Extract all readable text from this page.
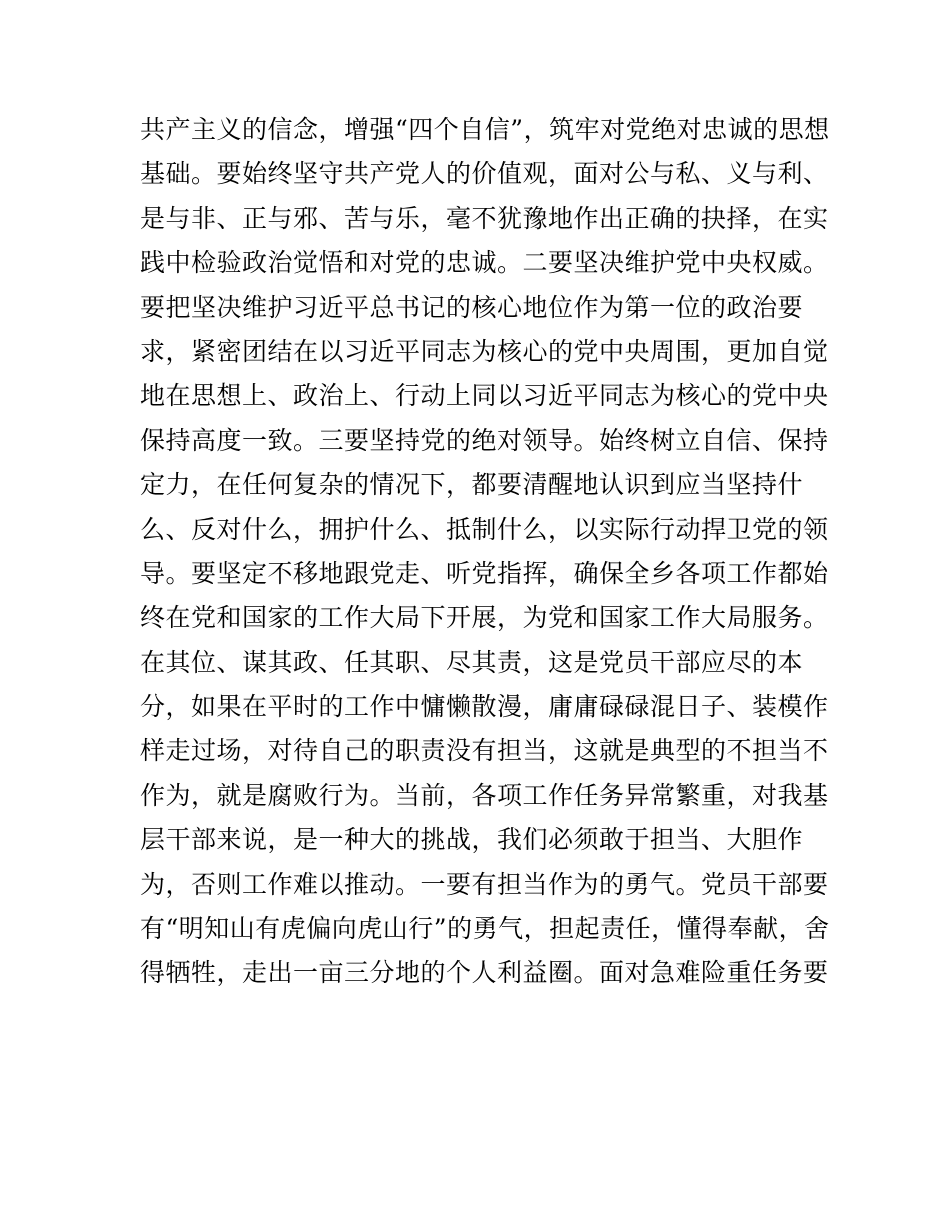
共产主义的信念，增强“四个自信”，筑牢对党绝对忠诚的思想
基础。要始终坚守共产党人的价值观，面对公与私、义与利、
是与非、正与邪、苦与乐，毫不犹豫地作出正确的抉择，在实
践中检验政治觉悟和对党的忠诚。二要坚决维护党中央权威。
要把坚决维护习近平总书记的核心地位作为第一位的政治要
求，紧密团结在以习近平同志为核心的党中央周围，更加自觉
地在思想上、政治上、行动上同以习近平同志为核心的党中央
保持高度一致。三要坚持党的绝对领导。始终树立自信、保持
定力，在任何复杂的情况下，都要清醒地认识到应当坚持什
么、反对什么，拥护什么、抵制什么，以实际行动捍卫党的领
导。要坚定不移地跟党走、听党指挥，确保全乡各项工作都始
终在党和国家的工作大局下开展，为党和国家工作大局服务。
在其位、谋其政、任其职、尽其责，这是党员干部应尽的本
分，如果在平时的工作中慵懒散漫，庸庸碌碌混日子、装模作
样走过场，对待自己的职责没有担当，这就是典型的不担当不
作为，就是腐败行为。当前，各项工作任务异常繁重，对我基
层干部来说，是一种大的挑战，我们必须敢于担当、大胆作
为，否则工作难以推动。一要有担当作为的勇气。党员干部要
有“明知山有虎偏向虎山行”的勇气，担起责任，懂得奉献，舍
得牺牲，走出一亩三分地的个人利益圈。面对急难险重任务要
